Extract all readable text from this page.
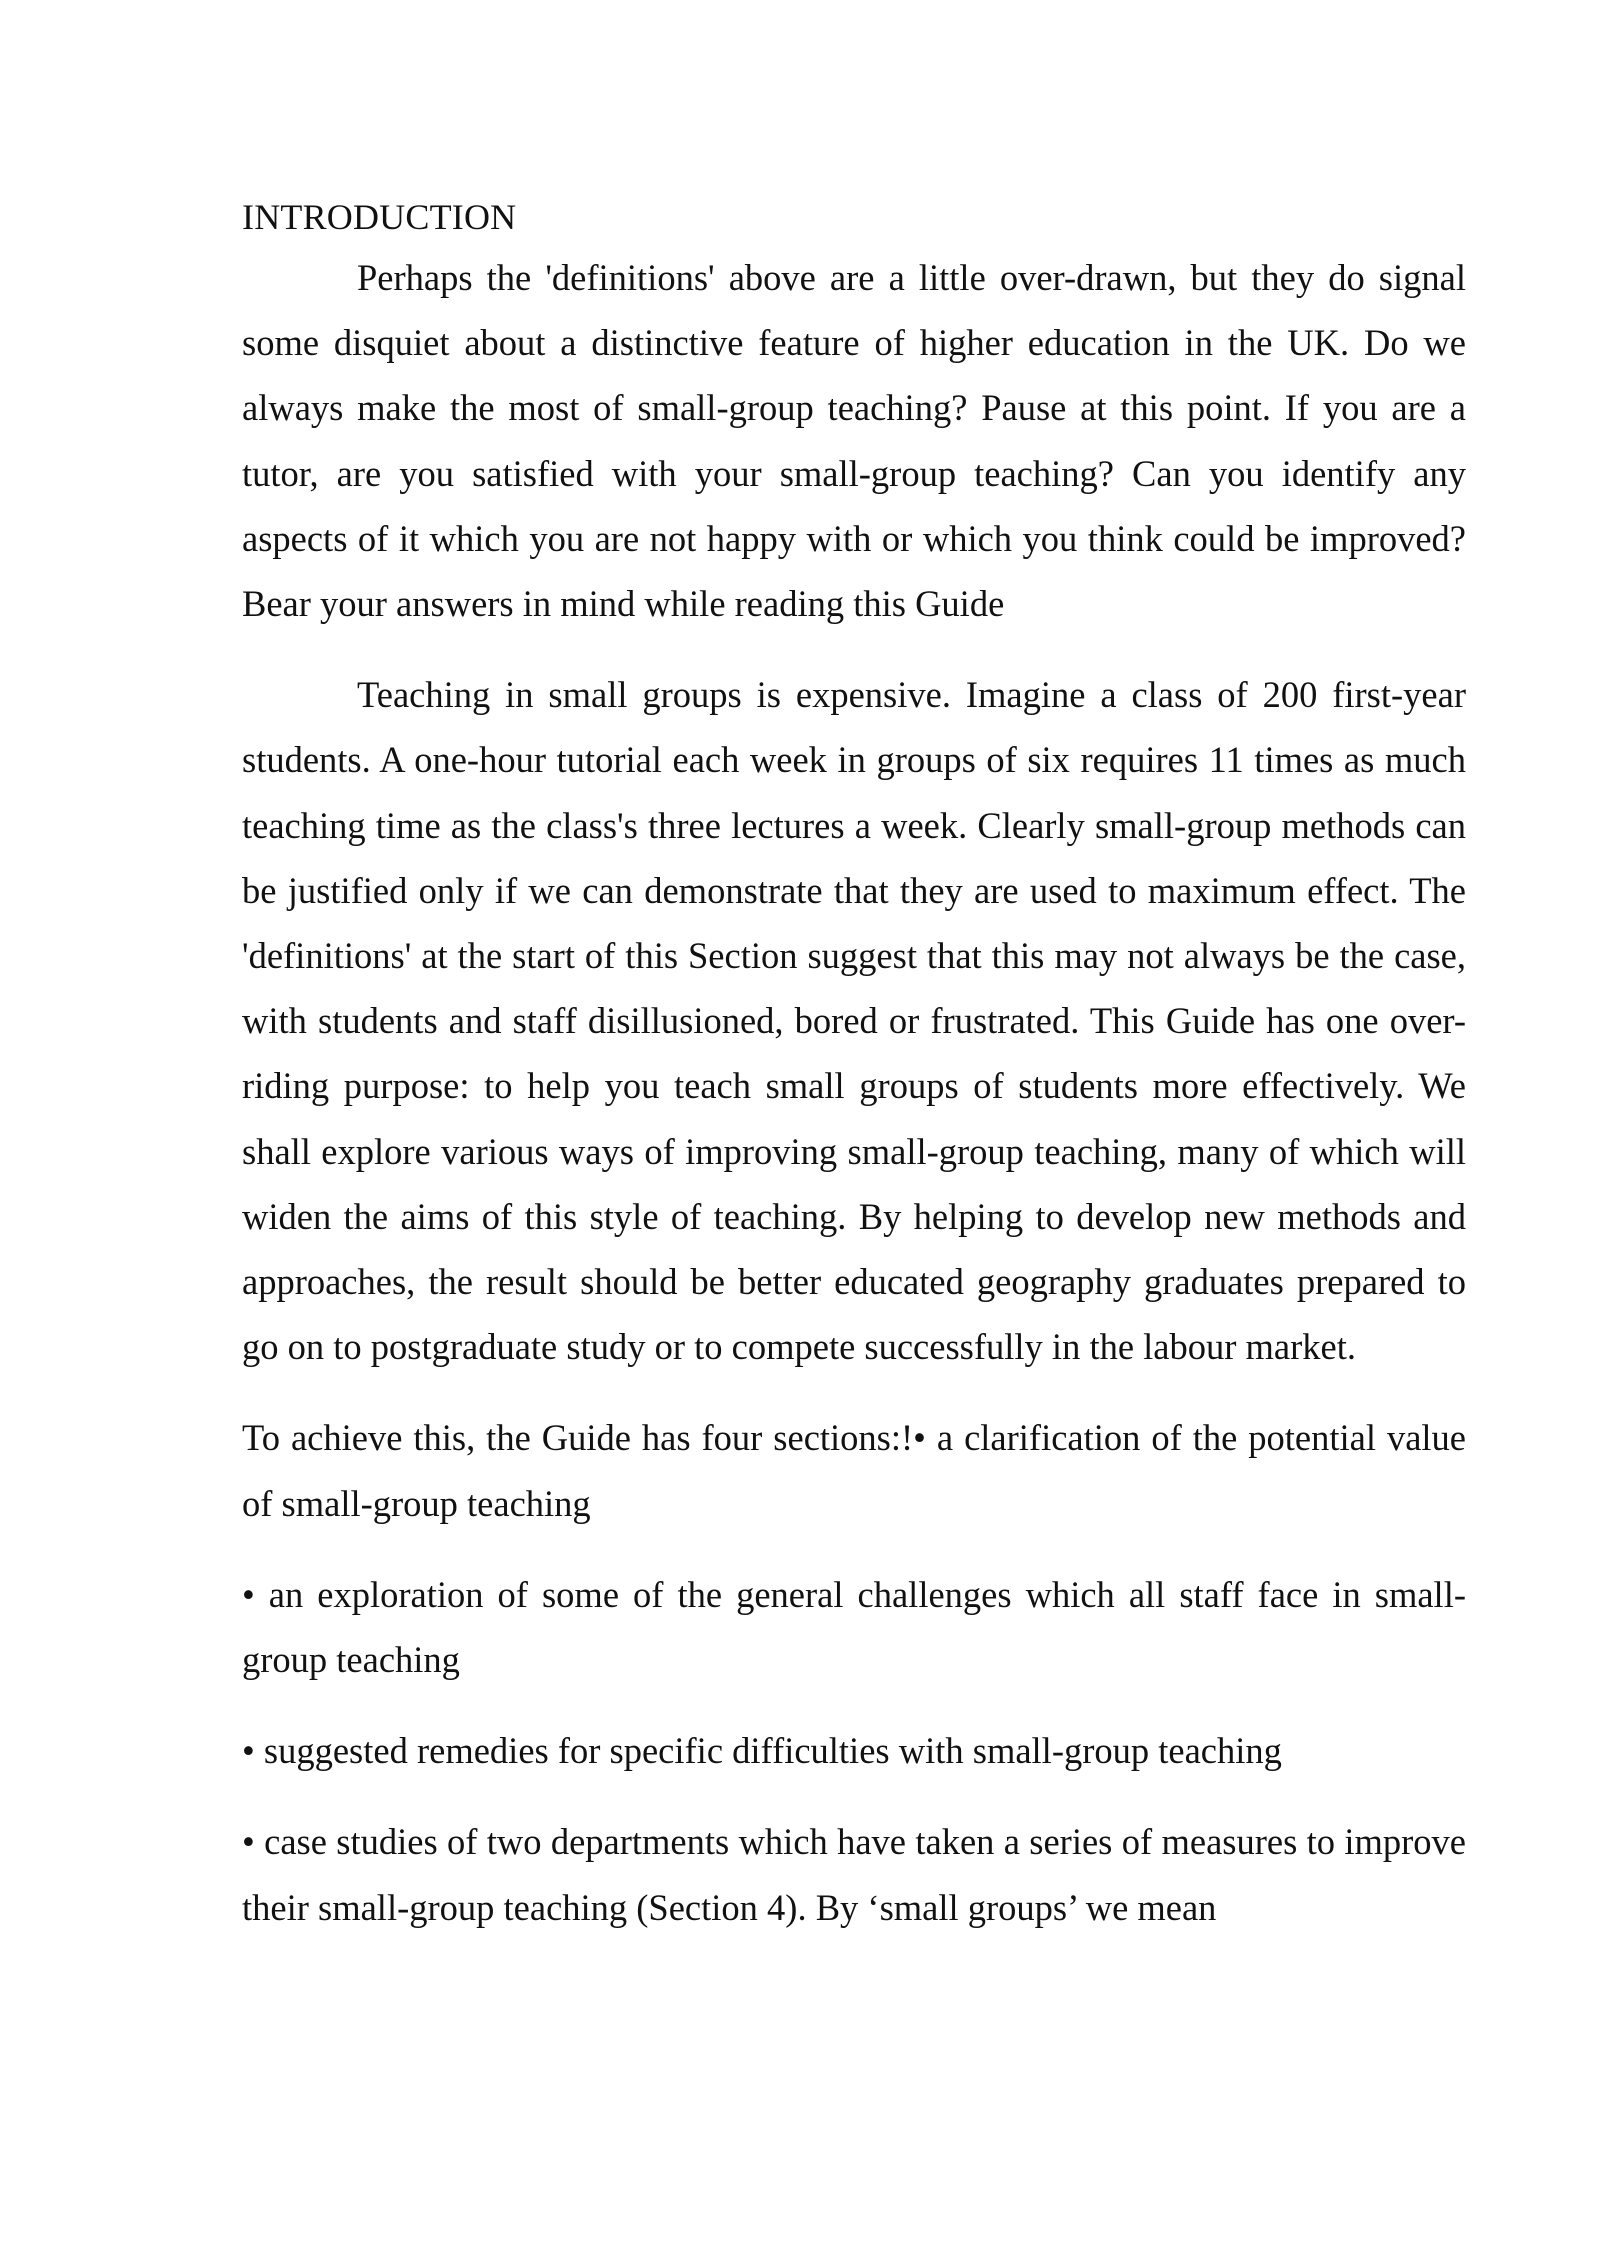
INTRODUCTION

Perhaps the 'definitions' above are a little over-drawn, but they do signal some disquiet about a distinctive feature of higher education in the UK. Do we always make the most of small-group teaching? Pause at this point. If you are a tutor, are you satisfied with your small-group teaching? Can you identify any aspects of it which you are not happy with or which you think could be improved? Bear your answers in mind while reading this Guide

Teaching in small groups is expensive. Imagine a class of 200 first-year students. A one-hour tutorial each week in groups of six requires 11 times as much teaching time as the class's three lectures a week. Clearly small-group methods can be justified only if we can demonstrate that they are used to maximum effect. The 'definitions' at the start of this Section suggest that this may not always be the case, with students and staff disillusioned, bored or frustrated. This Guide has one over-riding purpose: to help you teach small groups of students more effectively. We shall explore various ways of improving small-group teaching, many of which will widen the aims of this style of teaching. By helping to develop new methods and approaches, the result should be better educated geography graduates prepared to go on to postgraduate study or to compete successfully in the labour market.

To achieve this, the Guide has four sections:!• a clarification of the potential value of small-group teaching

• an exploration of some of the general challenges which all staff face in small-group teaching

• suggested remedies for specific difficulties with small-group teaching

• case studies of two departments which have taken a series of measures to improve their small-group teaching (Section 4). By ‘small groups’ we mean
